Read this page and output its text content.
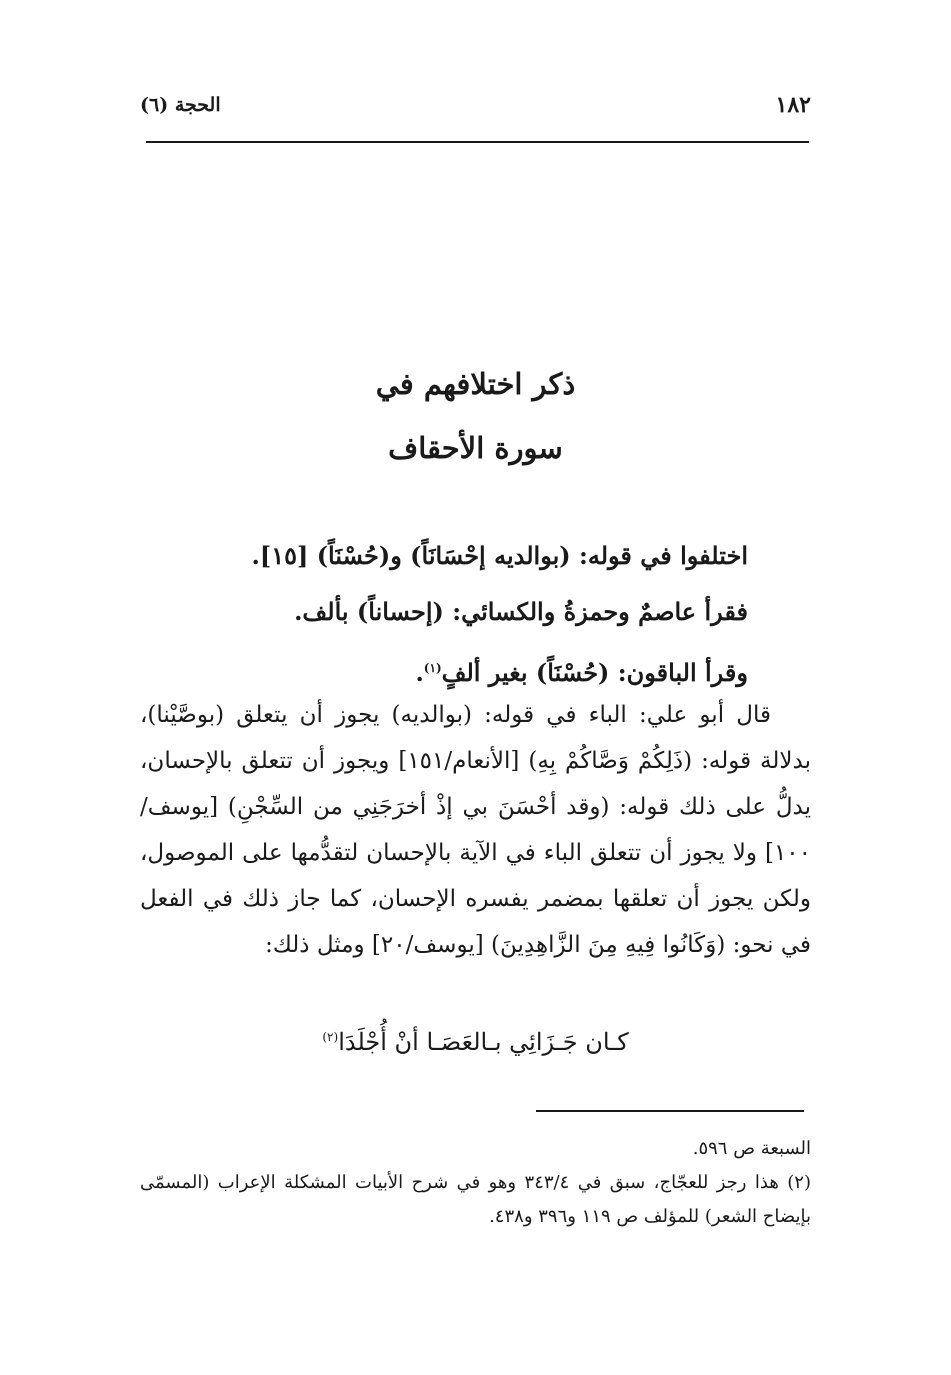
١٨٢
الحجة (٦)
ذكر اختلافهم في
سورة الأحقاف
اختلفوا في قوله: (بوالديه إحْسَانَاً) و(حُسْنَاً) [١٥].
فقرأ عاصمٌ وحمزةُ والكسائي: (إحساناً) بألف.
وقرأ الباقون: (حُسْنَاً) بغير ألفٍ$^{(١)}$.
قال أبو علي: الباء في قوله: (بوالديه) يجوز أن يتعلق (بوصَّيْنا)، بدلالة قوله: (ذَلِكُمْ وَصَّاكُمْ بِهِ) [الأنعام/١٥١] ويجوز أن تتعلق بالإحسان، يدلُّ على ذلك قوله: (وقد أحْسَنَ بي إذْ أخرَجَنِي من السِّجْنِ) [يوسف/١٠٠] ولا يجوز أن تتعلق الباء في الآية بالإحسان لتقدُّمها على الموصول، ولكن يجوز أن تعلقها بمضمر يفسره الإحسان، كما جاز ذلك في الفعل في نحو: (وَكَانُوا فِيهِ مِنَ الزَّاهِدِينَ) [يوسف/٢٠] ومثل ذلك:
كـان جَـزَائِي بـالعَصَـا أنْ أُجْلَدَا$^{(٢)}$
السبعة ص ٥٩٦.
(٢) هذا رجز للعجّاج، سبق في ٣٤٣/٤ وهو في شرح الأبيات المشكلة الإعراب (المسمّى بإيضاح الشعر) للمؤلف ص ١١٩ و٣٩٦ و٤٣٨.
